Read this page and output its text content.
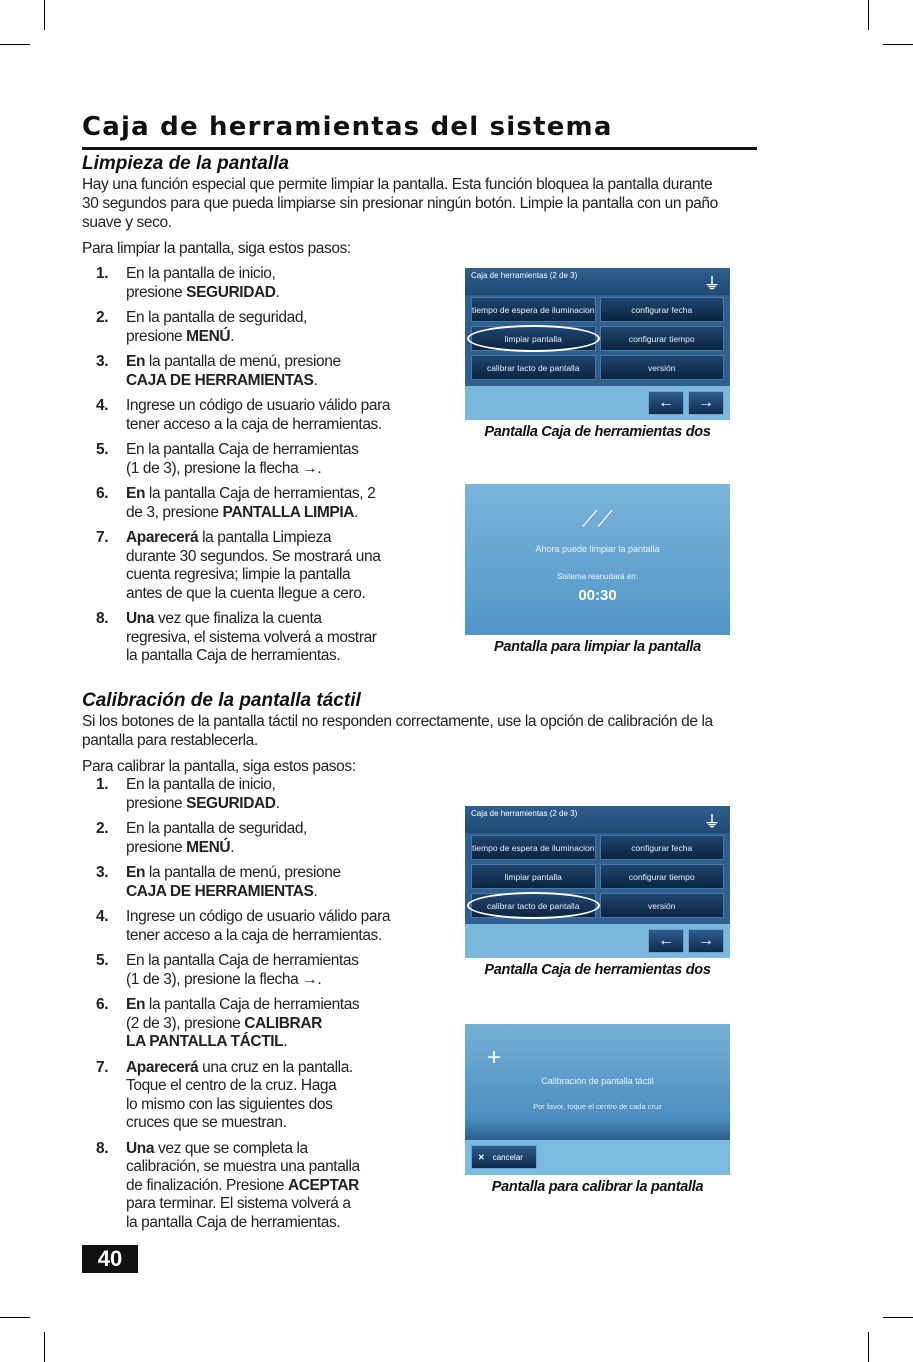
Caja de herramientas del sistema
Limpieza de la pantalla
Hay una función especial que permite limpiar la pantalla. Esta función bloquea la pantalla durante
30 segundos para que pueda limpiarse sin presionar ningún botón. Limpie la pantalla con un paño
suave y seco.
Para limpiar la pantalla, siga estos pasos:
1.	En la pantalla de inicio,
presione SEGURIDAD.
2.	En la pantalla de seguridad,
presione MENÚ.
3.	En la pantalla de menú, presione
CAJA DE HERRAMIENTAS.
4.	Ingrese un código de usuario válido para
tener acceso a la caja de herramientas.
5.	En la pantalla Caja de herramientas
(1 de 3), presione la flecha →.
6.	En la pantalla Caja de herramientas, 2
de 3, presione PANTALLA LIMPIA.
7.	Aparecerá la pantalla Limpieza
durante 30 segundos. Se mostrará una
cuenta regresiva; limpie la pantalla
antes de que la cuenta llegue a cero.
8.	Una vez que finaliza la cuenta
regresiva, el sistema volverá a mostrar
la pantalla Caja de herramientas.
Caja de herramientas (2 de 3)
⏚
tiempo de espera de iluminacion	configurar fecha
limpiar pantalla	configurar tiempo
calibrar tacto de pantalla	versión
←	→
Pantalla Caja de herramientas dos
⟋⟋
Ahora puede limpiar la pantalla
Sistema reanudará en:
00:30
Pantalla para limpiar la pantalla
Calibración de la pantalla táctil
Si los botones de la pantalla táctil no responden correctamente, use la opción de calibración de la
pantalla para restablecerla.
Para calibrar la pantalla, siga estos pasos:
1.	En la pantalla de inicio,
presione SEGURIDAD.
2.	En la pantalla de seguridad,
presione MENÚ.
3.	En la pantalla de menú, presione
CAJA DE HERRAMIENTAS.
4.	Ingrese un código de usuario válido para
tener acceso a la caja de herramientas.
5.	En la pantalla Caja de herramientas
(1 de 3), presione la flecha →.
6.	En la pantalla Caja de herramientas
(2 de 3), presione CALIBRAR
LA PANTALLA TÁCTIL.
7.	Aparecerá una cruz en la pantalla.
Toque el centro de la cruz. Haga
lo mismo con las siguientes dos
cruces que se muestran.
8.	Una vez que se completa la
calibración, se muestra una pantalla
de finalización. Presione ACEPTAR
para terminar. El sistema volverá a
la pantalla Caja de herramientas.
Caja de herramientas (2 de 3)
⏚
tiempo de espera de iluminacion	configurar fecha
limpiar pantalla	configurar tiempo
calibrar tacto de pantalla	versión
←	→
Pantalla Caja de herramientas dos
+
Calibración de pantalla táctil
Por favor, toque el centro de cada cruz
✕ cancelar
Pantalla para calibrar la pantalla
40
